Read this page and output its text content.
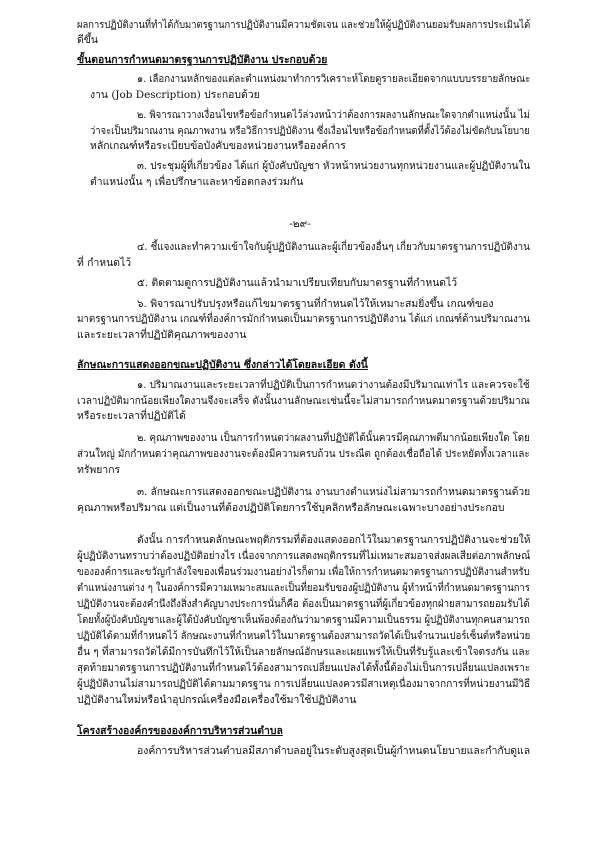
ผลการปฏิบัติงานที่ทำได้กับมาตรฐานการปฏิบัติงานมีความชัดเจน และช่วยให้ผู้ปฏิบัติงานยอมรับผลการประเมินได้
ดีขึ้น
ขั้นตอนการกำหนดมาตรฐานการปฏิบัติงาน ประกอบด้วย
๑. เลือกงานหลักของแต่ละตำแหน่งมาทำการวิเคราะห์โดยดูรายละเอียดจากแบบบรรยายลักษณะ
งาน (Job Description) ประกอบด้วย
๒. พิจารณาวางเงื่อนไขหรือข้อกำหนดไว้ล่วงหน้าว่าต้องการผลงานลักษณะใดจากตำแหน่งนั้น ไม่
ว่าจะเป็นปริมาณงาน คุณภาพงาน หรือวิธีการปฏิบัติงาน ซึ่งเงื่อนไขหรือข้อกำหนดที่ตั้งไว้ต้องไม่ขัดกับนโยบาย
หลักเกณฑ์หรือระเบียบข้อบังคับของหน่วยงานหรือองค์การ
๓. ประชุมผู้ที่เกี่ยวข้อง ได้แก่ ผู้บังคับบัญชา หัวหน้าหน่วยงานทุกหน่วยงานและผู้ปฏิบัติงานใน
ตำแหน่งนั้น ๆ เพื่อปรึกษาและหาข้อตกลงร่วมกัน
-๒๙-
๔. ชี้แจงและทำความเข้าใจกับผู้ปฏิบัติงานและผู้เกี่ยวข้องอื่นๆ เกี่ยวกับมาตรฐานการปฏิบัติงาน
ที่ กำหนดไว้
๕. ติดตามดูการปฏิบัติงานแล้วนำมาเปรียบเทียบกับมาตรฐานที่กำหนดไว้
๖. พิจารณาปรับปรุงหรือแก้ไขมาตรฐานที่กำหนดไว้ให้เหมาะสมยิ่งขึ้น เกณฑ์ของ
มาตรฐานการปฏิบัติงาน เกณฑ์ที่องค์การมักกำหนดเป็นมาตรฐานการปฏิบัติงาน ได้แก่ เกณฑ์ด้านปริมาณงาน
และระยะเวลาที่ปฏิบัติคุณภาพของงาน
ลักษณะการแสดงออกขณะปฏิบัติงาน ซึ่งกล่าวได้โดยละเอียด ดังนี้
๑. ปริมาณงานและระยะเวลาที่ปฏิบัติเป็นการกำหนดว่างานต้องมีปริมาณเท่าไร และควรจะใช้
เวลาปฏิบัติมากน้อยเพียงใดงานจึงจะเสร็จ ดังนั้นงานลักษณะเช่นนี้จะไม่สามารถกำหนดมาตรฐานด้วยปริมาณ
หรือระยะเวลาที่ปฏิบัติได้
๒. คุณภาพของงาน เป็นการกำหนดว่าผลงานที่ปฏิบัติได้นั้นควรมีคุณภาพดีมากน้อยเพียงใด โดย
ส่วนใหญ่ มักกำหนดว่าคุณภาพของงานจะต้องมีความครบถ้วน ประณีต ถูกต้องเชื่อถือได้ ประหยัดทั้งเวลาและ
ทรัพยากร
๓. ลักษณะการแสดงออกขณะปฏิบัติงาน งานบางตำแหน่งไม่สามารถกำหนดมาตรฐานด้วย
คุณภาพหรือปริมาณ แต่เป็นงานที่ต้องปฏิบัติโดยการใช้บุคลิกหรือลักษณะเฉพาะบางอย่างประกอบ
ดังนั้น การกำหนดลักษณะพฤติกรรมที่ต้องแสดงออกไว้ในมาตรฐานการปฏิบัติงานจะช่วยให้
ผู้ปฏิบัติงานทราบว่าต้องปฏิบัติอย่างไร เนื่องจากการแสดงพฤติกรรมที่ไม่เหมาะสมอาจส่งผลเสียต่อภาพลักษณ์
ขององค์การและขวัญกำลังใจของเพื่อนร่วมงานอย่างไรก็ตาม เพื่อให้การกำหนดมาตรฐานการปฏิบัติงานสำหรับ
ตำแหน่งงานต่าง ๆ ในองค์การมีความเหมาะสมและเป็นที่ยอมรับของผู้ปฏิบัติงาน ผู้ทำหน้าที่กำหนดมาตรฐานการ
ปฏิบัติงานจะต้องคำนึงถึงสิ่งสำคัญบางประการนั่นก็คือ ต้องเป็นมาตรฐานที่ผู้เกี่ยวข้องทุกฝ่ายสามารถยอมรับได้
โดยทั้งผู้บังคับบัญชาและผู้ใต้บังคับบัญชาเห็นพ้องต้องกันว่ามาตรฐานมีความเป็นธรรม ผู้ปฏิบัติงานทุกคนสามารถ
ปฏิบัติได้ตามที่กำหนดไว้ ลักษณะงานที่กำหนดไว้ในมาตรฐานต้องสามารถวัดได้เป็นจำนวนเปอร์เซ็นต์หรือหน่วย
อื่น ๆ ที่สามารถวัดได้มีการบันทึกไว้ให้เป็นลายลักษณ์อักษรและเผยแพร่ให้เป็นที่รับรู้และเข้าใจตรงกัน และ
สุดท้ายมาตรฐานการปฏิบัติงานที่กำหนดไว้ต้องสามารถเปลี่ยนแปลงได้ทั้งนี้ต้องไม่เป็นการเปลี่ยนแปลงเพราะ
ผู้ปฏิบัติงานไม่สามารถปฏิบัติได้ตามมาตรฐาน การเปลี่ยนแปลงควรมีสาเหตุเนื่องมาจากการที่หน่วยงานมีวิธี
ปฏิบัติงานใหม่หรือนำอุปกรณ์เครื่องมือเครื่องใช้มาใช้ปฏิบัติงาน
โครงสร้างองค์กรขององค์การบริหารส่วนตำบล
องค์การบริหารส่วนตำบลมีสภาตำบลอยู่ในระดับสูงสุดเป็นผู้กำหนดนโยบายและกำกับดูแล
